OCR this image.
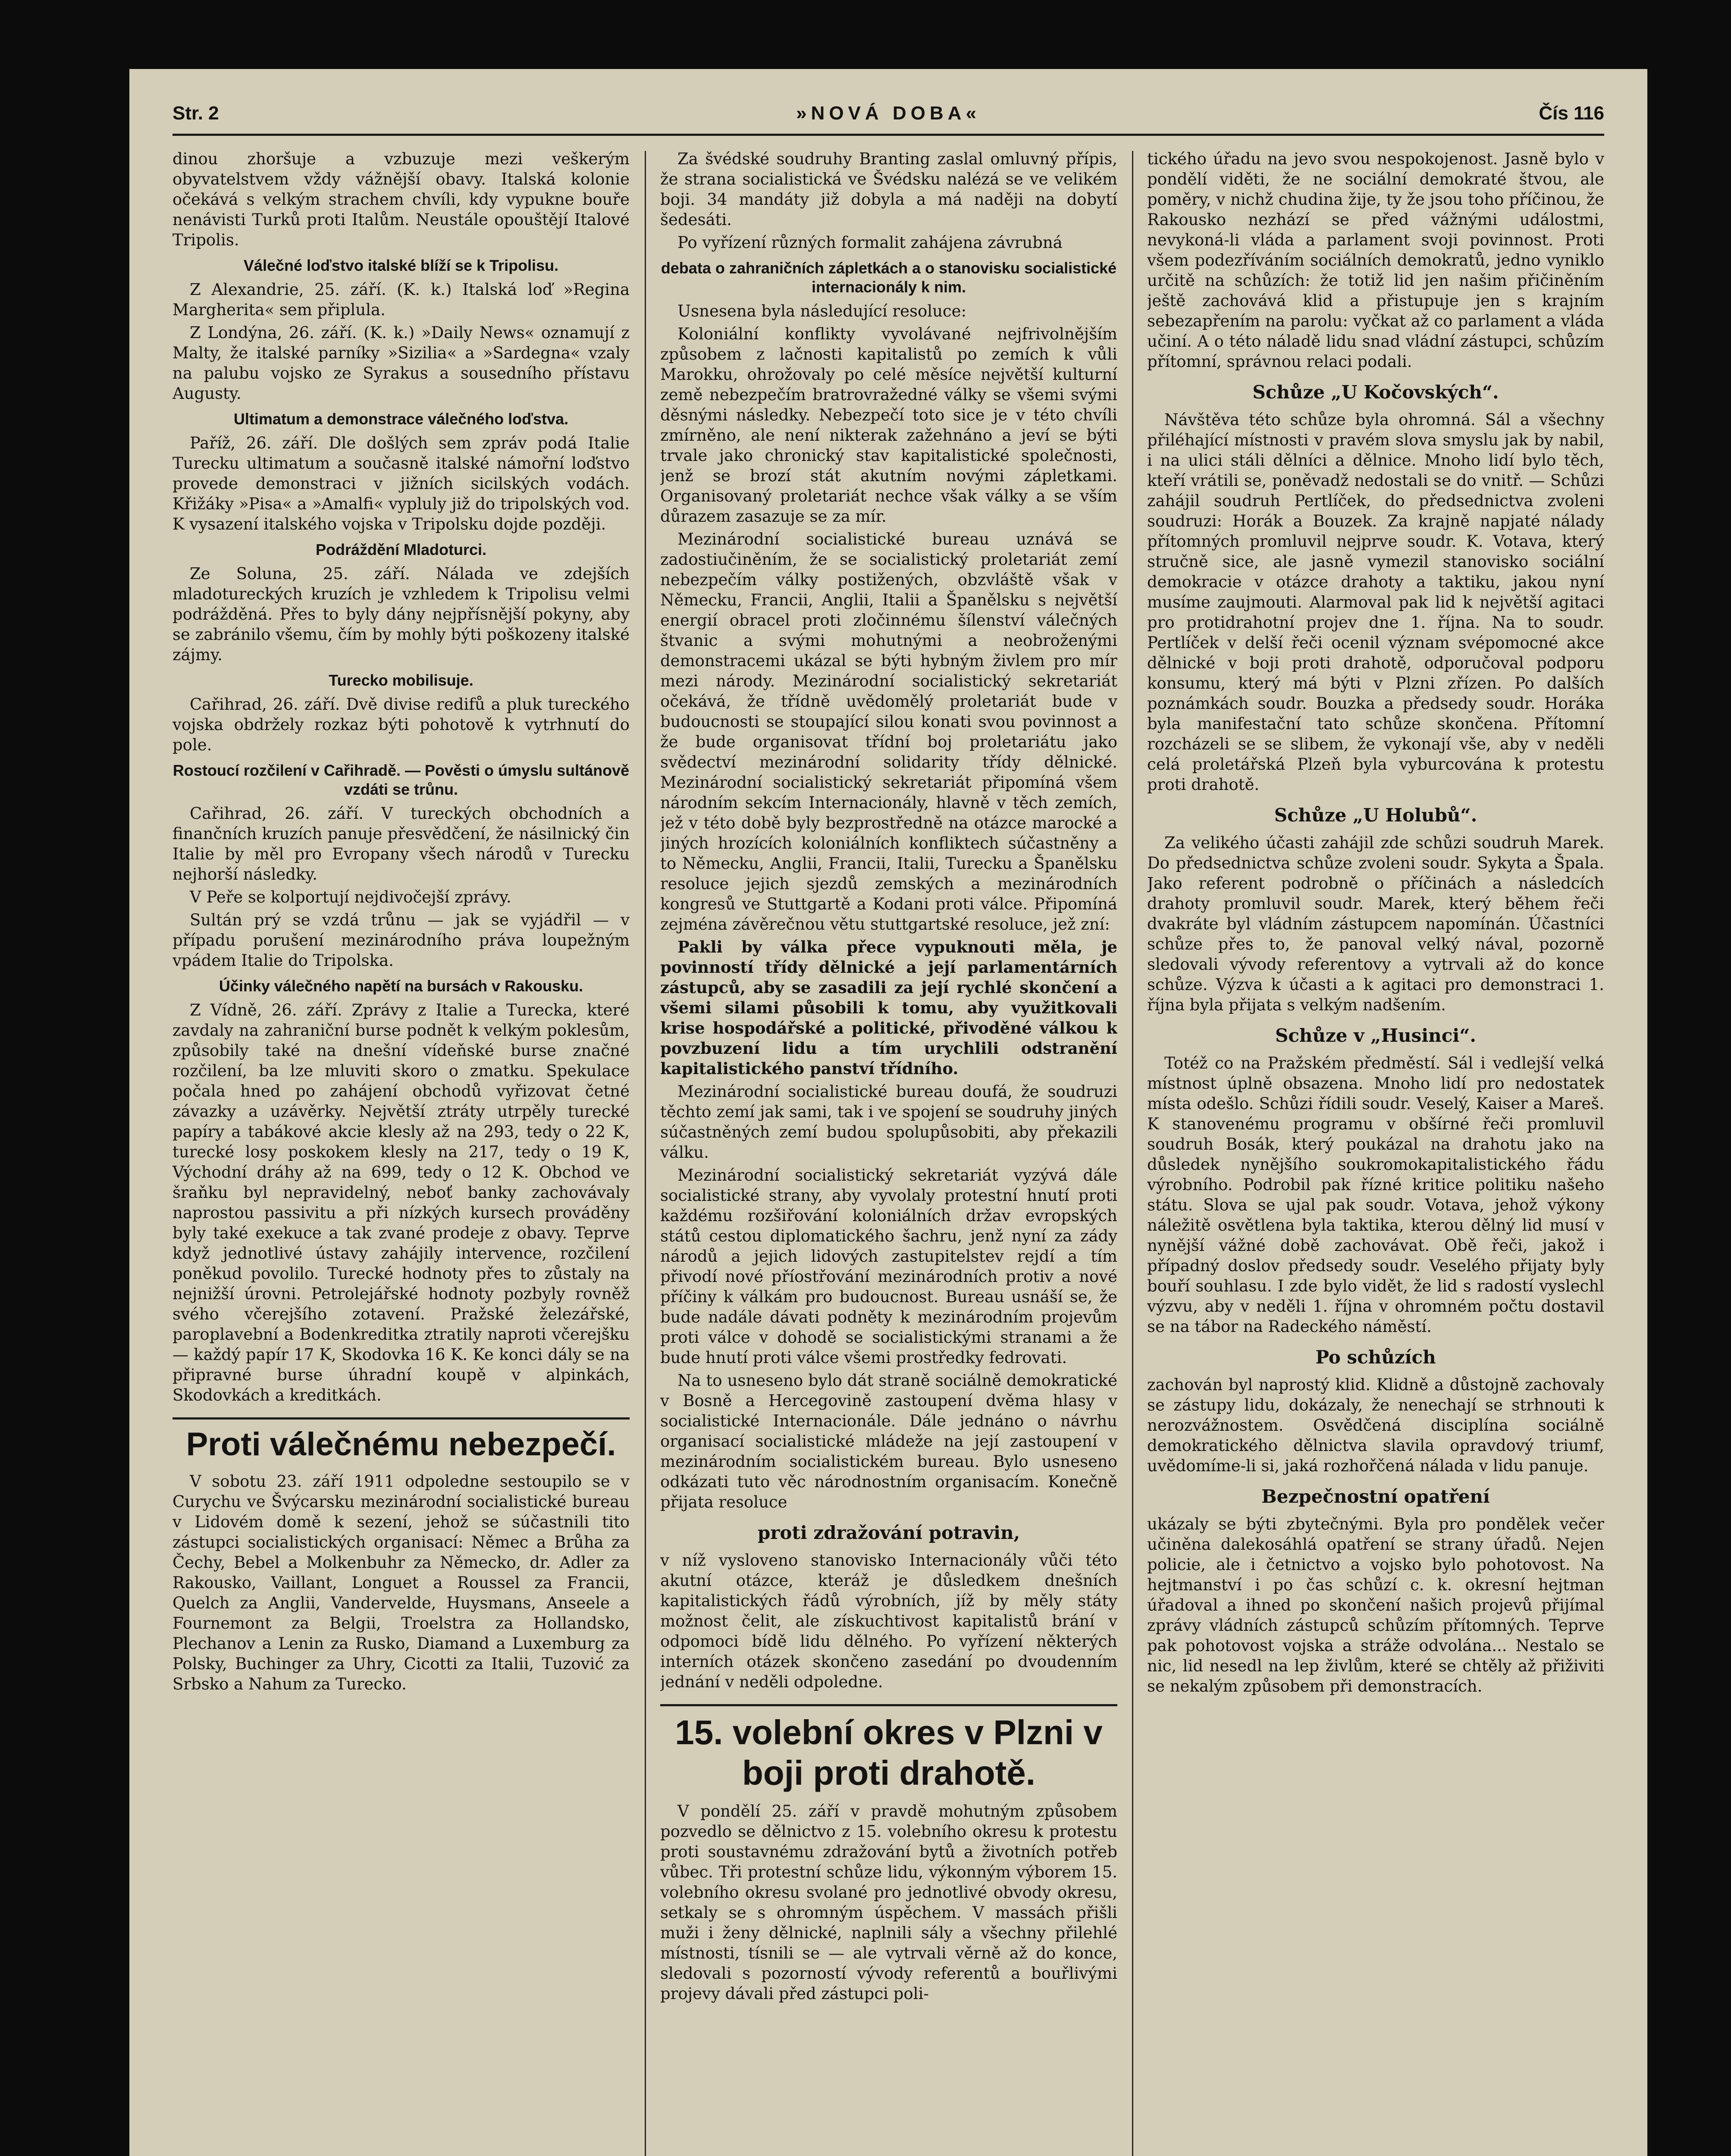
Str. 2	»NOVÁ DOBA«	Čís 116

dinou zhoršuje a vzbuzuje mezi veškerým obyvatelstvem vždy vážnější obavy. Italská kolonie očekává s velkým strachem chvíli, kdy vypukne bouře nenávisti Turků proti Italům. Neustále opouštějí Italové Tripolis.

Válečné loďstvo italské blíží se k Tripolisu.

Z Alexandrie, 25. září. (K. k.) Italská loď »Regina Margherita« sem připlula.

Z Londýna, 26. září. (K. k.) »Daily News« oznamují z Malty, že italské parníky »Sizilia« a »Sardegna« vzaly na palubu vojsko ze Syrakus a sousedního přístavu Augusty.

Ultimatum a demonstrace válečného loďstva.

Paříž, 26. září. Dle došlých sem zpráv podá Italie Turecku ultimatum a současně italské námořní loďstvo provede demonstraci v jižních sicilských vodách. Křižáky »Pisa« a »Amalfi« vypluly již do tripolských vod. K vysazení italského vojska v Tripolsku dojde později.

Podráždění Mladoturci.

Ze Soluna, 25. září. Nálada ve zdejších mladotureckých kruzích je vzhledem k Tripolisu velmi podrážděná. Přes to byly dány nejpřísnější pokyny, aby se zabránilo všemu, čím by mohly býti poškozeny italské zájmy.

Turecko mobilisuje.

Cařihrad, 26. září. Dvě divise redifů a pluk tureckého vojska obdržely rozkaz býti pohotově k vytrhnutí do pole.

Rostoucí rozčilení v Cařihradě. — Pověsti o úmyslu sultánově vzdáti se trůnu.

Cařihrad, 26. září. V tureckých obchodních a finančních kruzích panuje přesvědčení, že násilnický čin Italie by měl pro Evropany všech národů v Turecku nejhorší následky.

V Peře se kolportují nejdivočejší zprávy.

Sultán prý se vzdá trůnu — jak se vyjádřil — v případu porušení mezinárodního práva loupežným vpádem Italie do Tripolska.

Účinky válečného napětí na bursách v Rakousku.

Z Vídně, 26. září. Zprávy z Italie a Turecka, které zavdaly na zahraniční burse podnět k velkým poklesům, způsobily také na dnešní vídeňské burse značné rozčilení, ba lze mluviti skoro o zmatku. Spekulace počala hned po zahájení obchodů vyřizovat četné závazky a uzávěrky. Největší ztráty utrpěly turecké papíry a tabákové akcie klesly až na 293, tedy o 22 K, turecké losy poskokem klesly na 217, tedy o 19 K, Východní dráhy až na 699, tedy o 12 K. Obchod ve šraňku byl nepravidelný, neboť banky zachovávaly naprostou passivitu a při nízkých kursech prováděny byly také exekuce a tak zvané prodeje z obavy. Teprve když jednotlivé ústavy zahájily intervence, rozčilení poněkud povolilo. Turecké hodnoty přes to zůstaly na nejnižší úrovni. Petrolejářské hodnoty pozbyly rovněž svého včerejšího zotavení. Pražské železářské, paroplavební a Bodenkreditka ztratily naproti včerejšku — každý papír 17 K, Skodovka 16 K. Ke konci dály se na připravné burse úhradní koupě v alpinkách, Skodovkách a kreditkách.

Proti válečnému nebezpečí.

V sobotu 23. září 1911 odpoledne sestoupilo se v Curychu ve Švýcarsku mezinárodní socialistické bureau v Lidovém domě k sezení, jehož se súčastnili tito zástupci socialistických organisací: Němec a Brůha za Čechy, Bebel a Molkenbuhr za Německo, dr. Adler za Rakousko, Vaillant, Longuet a Roussel za Francii, Quelch za Anglii, Vandervelde, Huysmans, Anseele a Fournemont za Belgii, Troelstra za Hollandsko, Plechanov a Lenin za Rusko, Diamand a Luxemburg za Polsky, Buchinger za Uhry, Cicotti za Italii, Tuzović za Srbsko a Nahum za Turecko.

Za švédské soudruhy Branting zaslal omluvný přípis, že strana socialistická ve Švédsku nalézá se ve velikém boji. 34 mandáty již dobyla a má naději na dobytí šedesáti.

Po vyřízení různých formalit zahájena závrubná

debata o zahraničních zápletkách a o stanovisku socialistické internacionály k nim.

Usnesena byla následující resoluce:

Koloniální konflikty vyvolávané nejfrivolnějším způsobem z lačnosti kapitalistů po zemích k vůli Marokku, ohrožovaly po celé měsíce největší kulturní země nebezpečím bratrovražedné války se všemi svými děsnými následky. Nebezpečí toto sice je v této chvíli zmírněno, ale není nikterak zažehnáno a jeví se býti trvale jako chronický stav kapitalistické společnosti, jenž se brozí stát akutním novými zápletkami. Organisovaný proletariát nechce však války a se vším důrazem zasazuje se za mír.

Mezinárodní socialistické bureau uznává se zadostiučiněním, že se socialistický proletariát zemí nebezpečím války postižených, obzvláště však v Německu, Francii, Anglii, Italii a Španělsku s největší energií obracel proti zločinnému šílenství válečných štvanic a svými mohutnými a neobroženými demonstracemi ukázal se býti hybným živlem pro mír mezi národy. Mezinárodní socialistický sekretariát očekává, že třídně uvědomělý proletariát bude v budoucnosti se stoupající silou konati svou povinnost a že bude organisovat třídní boj proletariátu jako svědectví mezinárodní solidarity třídy dělnické. Mezinárodní socialistický sekretariát připomíná všem národním sekcím Internacionály, hlavně v těch zemích, jež v této době byly bezprostředně na otázce marocké a jiných hrozících koloniálních konfliktech súčastněny a to Německu, Anglii, Francii, Italii, Turecku a Španělsku resoluce jejich sjezdů zemských a mezinárodních kongresů ve Stuttgartě a Kodani proti válce. Připomíná zejména závěrečnou větu stuttgartské resoluce, jež zní:

Pakli by válka přece vypuknouti měla, je povinností třídy dělnické a její parlamentárních zástupců, aby se zasadili za její rychlé skončení a všemi silami působili k tomu, aby využitkovali krise hospodářské a politické, přivoděné válkou k povzbuzení lidu a tím urychlili odstranění kapitalistického panství třídního.

Mezinárodní socialistické bureau doufá, že soudruzi těchto zemí jak sami, tak i ve spojení se soudruhy jiných súčastněných zemí budou spolupůsobiti, aby překazili válku.

Mezinárodní socialistický sekretariát vyzývá dále socialistické strany, aby vyvolaly protestní hnutí proti každému rozšiřování koloniálních držav evropských států cestou diplomatického šachru, jenž nyní za zády národů a jejich lidových zastupitelstev rejdí a tím přivodí nové příostřování mezinárodních protiv a nové příčiny k válkám pro budoucnost. Bureau usnáší se, že bude nadále dávati podněty k mezinárodním projevům proti válce v dohodě se socialistickými stranami a že bude hnutí proti válce všemi prostředky fedrovati.

Na to usneseno bylo dát straně sociálně demokratické v Bosně a Hercegovině zastoupení dvěma hlasy v socialistické Internacionále. Dále jednáno o návrhu organisací socialistické mládeže na její zastoupení v mezinárodním socialistickém bureau. Bylo usneseno odkázati tuto věc národnostním organisacím. Konečně přijata resoluce

proti zdražování potravin,

v níž vysloveno stanovisko Internacionály vůči této akutní otázce, kteráž je důsledkem dnešních kapitalistických řádů výrobních, jíž by měly státy možnost čelit, ale získuchtivost kapitalistů brání v odpomoci bídě lidu dělného. Po vyřízení některých interních otázek skončeno zasedání po dvoudenním jednání v neděli odpoledne.

15. volební okres v Plzni v boji proti drahotě.

V pondělí 25. září v pravdě mohutným způsobem pozvedlo se dělnictvo z 15. volebního okresu k protestu proti soustavnému zdražování bytů a životních potřeb vůbec. Tři protestní schůze lidu, výkonným výborem 15. volebního okresu svolané pro jednotlivé obvody okresu, setkaly se s ohromným úspěchem. V massách přišli muži i ženy dělnické, naplnili sály a všechny přilehlé místnosti, tísnili se — ale vytrvali věrně až do konce, sledovali s pozorností vývody referentů a bouřlivými projevy dávali před zástupci poli-

tického úřadu na jevo svou nespokojenost. Jasně bylo v pondělí viděti, že ne sociální demokraté štvou, ale poměry, v nichž chudina žije, ty že jsou toho příčinou, že Rakousko nezhází se před vážnými událostmi, nevykoná-li vláda a parlament svoji povinnost. Proti všem podezříváním sociálních demokratů, jedno vyniklo určitě na schůzích: že totiž lid jen našim přičiněním ještě zachovává klid a přistupuje jen s krajním sebezapřením na parolu: vyčkat až co parlament a vláda učiní. A o této náladě lidu snad vládní zástupci, schůzím přítomní, správnou relaci podali.

Schůze „U Kočovských“.

Návštěva této schůze byla ohromná. Sál a všechny přiléhající místnosti v pravém slova smyslu jak by nabil, i na ulici stáli dělníci a dělnice. Mnoho lidí bylo těch, kteří vrátili se, poněvadž nedostali se do vnitř. — Schůzi zahájil soudruh Pertlíček, do předsednictva zvoleni soudruzi: Horák a Bouzek. Za krajně napjaté nálady přítomných promluvil nejprve soudr. K. Votava, který stručně sice, ale jasně vymezil stanovisko sociální demokracie v otázce drahoty a taktiku, jakou nyní musíme zaujmouti. Alarmoval pak lid k největší agitaci pro protidrahotní projev dne 1. října. Na to soudr. Pertlíček v delší řeči ocenil význam svépomocné akce dělnické v boji proti drahotě, odporučoval podporu konsumu, který má býti v Plzni zřízen. Po dalších poznámkách soudr. Bouzka a předsedy soudr. Horáka byla manifestační tato schůze skončena. Přítomní rozcházeli se se slibem, že vykonají vše, aby v neděli celá proletářská Plzeň byla vyburcována k protestu proti drahotě.

Schůze „U Holubů“.

Za velikého účasti zahájil zde schůzi soudruh Marek. Do předsednictva schůze zvoleni soudr. Sykyta a Špala. Jako referent podrobně o příčinách a následcích drahoty promluvil soudr. Marek, který během řeči dvakráte byl vládním zástupcem napomínán. Účastníci schůze přes to, že panoval velký nával, pozorně sledovali vývody referentovy a vytrvali až do konce schůze. Výzva k účasti a k agitaci pro demonstraci 1. října byla přijata s velkým nadšením.

Schůze v „Husinci“.

Totéž co na Pražském předměstí. Sál i vedlejší velká místnost úplně obsazena. Mnoho lidí pro nedostatek místa odešlo. Schůzi řídili soudr. Veselý, Kaiser a Mareš. K stanovenému programu v obšírné řeči promluvil soudruh Bosák, který poukázal na drahotu jako na důsledek nynějšího soukromokapitalistického řádu výrobního. Podrobil pak řízné kritice politiku našeho státu. Slova se ujal pak soudr. Votava, jehož výkony náležitě osvětlena byla taktika, kterou dělný lid musí v nynější vážné době zachovávat. Obě řeči, jakož i případný doslov předsedy soudr. Veselého přijaty byly bouří souhlasu. I zde bylo vidět, že lid s radostí vyslechl výzvu, aby v neděli 1. října v ohromném počtu dostavil se na tábor na Radeckého náměstí.

Po schůzích

zachován byl naprostý klid. Klidně a důstojně zachovaly se zástupy lidu, dokázaly, že nenechají se strhnouti k nerozvážnostem. Osvědčená disciplína sociálně demokratického dělnictva slavila opravdový triumf, uvědomíme-li si, jaká rozhořčená nálada v lidu panuje.

Bezpečnostní opatření

ukázaly se býti zbytečnými. Byla pro pondělek večer učiněna dalekosáhlá opatření se strany úřadů. Nejen policie, ale i četnictvo a vojsko bylo pohotovost. Na hejtmanství i po čas schůzí c. k. okresní hejtman úřadoval a ihned po skončení našich projevů přijímal zprávy vládních zástupců schůzím přítomných. Teprve pak pohotovost vojska a stráže odvolána... Nestalo se nic, lid nesedl na lep živlům, které se chtěly až přiživiti se nekalým způsobem při demonstracích.
